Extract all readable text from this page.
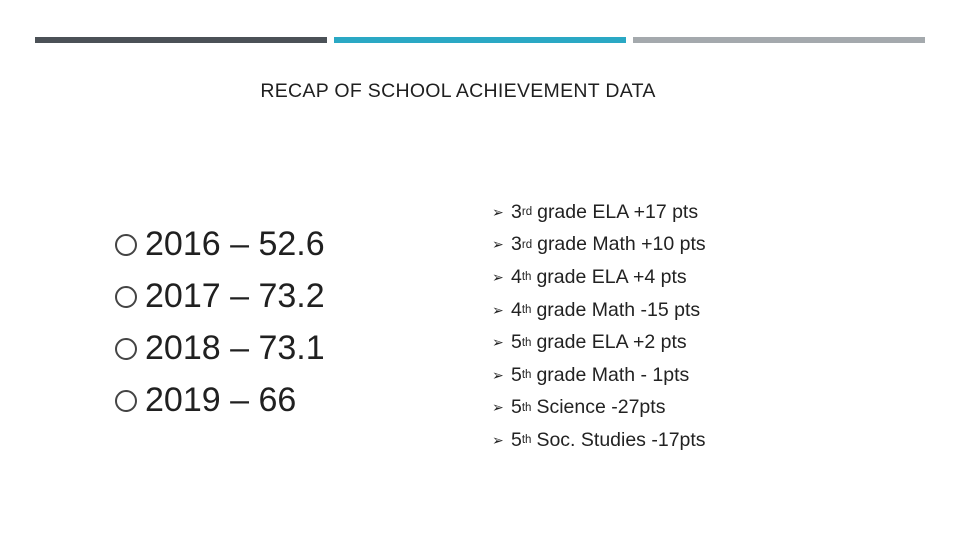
RECAP OF SCHOOL ACHIEVEMENT DATA
2016 – 52.6
2017 – 73.2
2018 – 73.1
2019 – 66
➢ 3 rd grade ELA +17 pts
➢ 3 rd grade Math +10 pts
➢ 4 th grade ELA +4 pts
➢ 4 th grade Math -15 pts
➢ 5 th grade ELA +2 pts
➢ 5 th grade Math - 1pts
➢ 5 th Science -27pts
➢ 5 th Soc. Studies -17pts
